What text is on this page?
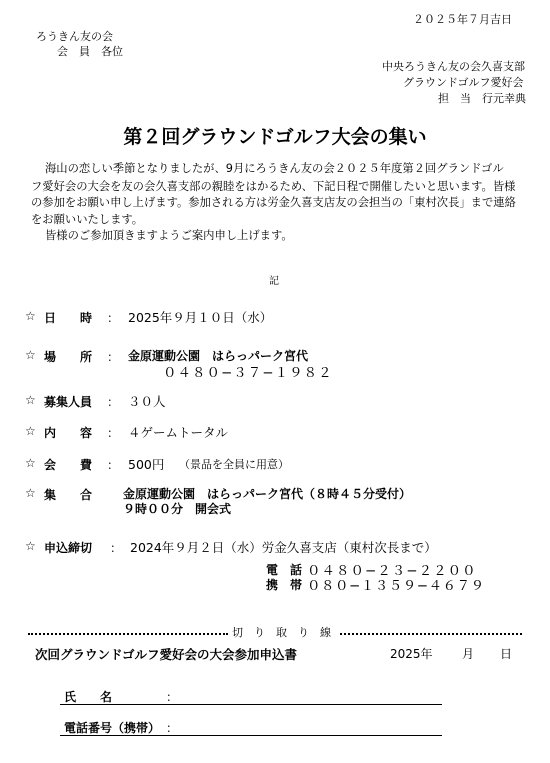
２０２５年７月吉日
ろうきん友の会
会　員　各位
中央ろうきん友の会久喜支部
グラウンドゴルフ愛好会
担　当　行元幸典
第２回グラウンドゴルフ大会の集い
海山の恋しい季節となりましたが、9月にろうきん友の会２０２５年度第２回グランドゴル
フ愛好会の大会を友の会久喜支部の親睦をはかるため、下記日程で開催したいと思います。皆様
の参加をお願い申し上げます。参加される方は労金久喜支店友の会担当の「東村次長」まで連絡
をお願いいたします。
皆様のご参加頂きますようご案内申し上げます。
記
☆ 日　　時 ： 2025年９月１０日（水）
☆ 場　　所 ： 金原運動公園　はらっパーク宮代
０４８０−３７−１９８２
☆ 募集人員 ： ３０人
☆ 内　　容 ： ４ゲームトータル
☆ 会　　費 ： 500円 （景品を全員に用意）
☆ 集　　合	金原運動公園　はらっパーク宮代（８時４５分受付）
９時００分　開会式
☆ 申込締切 ： 2024年９月２日（水）労金久喜支店（東村次長まで）
電　話 ０４８０−２３−２２００
携　帯 ０８０−１３５９−４６７９
切　り　取　り　線
次回グラウンドゴルフ愛好会の大会参加申込書	2025年 月 日
氏　　名	：
電話番号（携帯） ：
